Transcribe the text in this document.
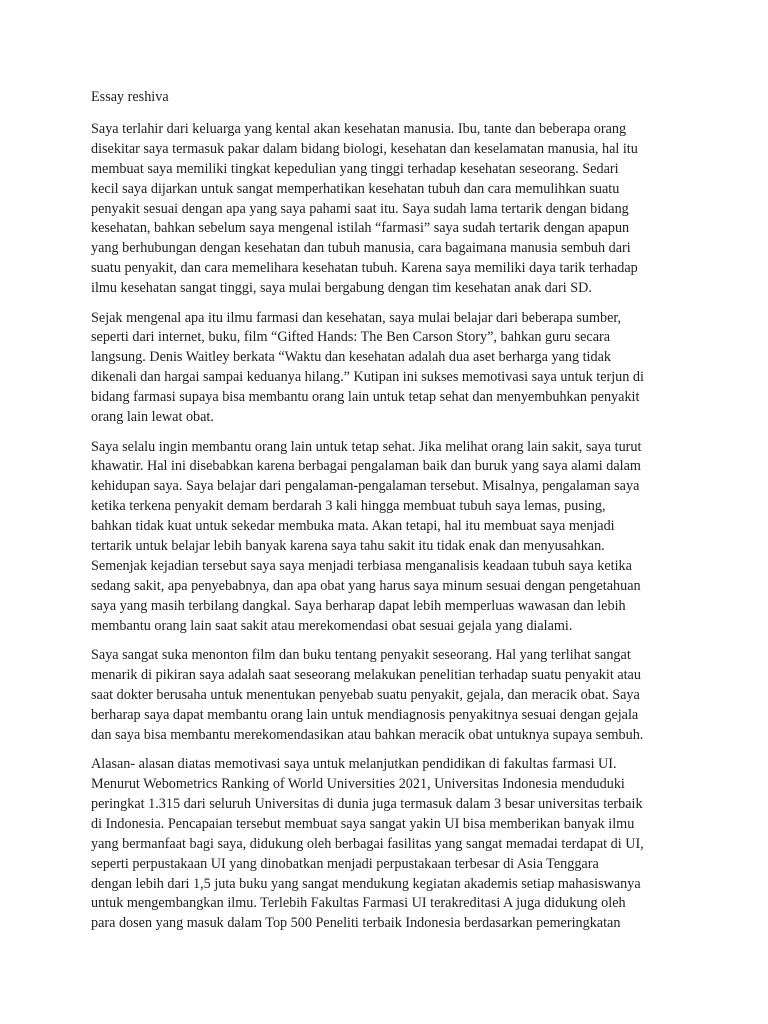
Essay reshiva
Saya terlahir dari keluarga yang kental akan kesehatan manusia. Ibu, tante dan beberapa orang
disekitar saya termasuk pakar dalam bidang biologi, kesehatan dan keselamatan manusia, hal itu
membuat saya memiliki tingkat kepedulian yang tinggi terhadap kesehatan seseorang. Sedari
kecil saya dijarkan untuk sangat memperhatikan kesehatan tubuh dan cara memulihkan suatu
penyakit sesuai dengan apa yang saya pahami saat itu. Saya sudah lama tertarik dengan bidang
kesehatan, bahkan sebelum saya mengenal istilah “farmasi” saya sudah tertarik dengan apapun
yang berhubungan dengan kesehatan dan tubuh manusia, cara bagaimana manusia sembuh dari
suatu penyakit, dan cara memelihara kesehatan tubuh. Karena saya memiliki daya tarik terhadap
ilmu kesehatan sangat tinggi, saya mulai bergabung dengan tim kesehatan anak dari SD.
Sejak mengenal apa itu ilmu farmasi dan kesehatan, saya mulai belajar dari beberapa sumber,
seperti dari internet, buku, film “Gifted Hands: The Ben Carson Story”, bahkan guru secara
langsung. Denis Waitley berkata “Waktu dan kesehatan adalah dua aset berharga yang tidak
dikenali dan hargai sampai keduanya hilang.” Kutipan ini sukses memotivasi saya untuk terjun di
bidang farmasi supaya bisa membantu orang lain untuk tetap sehat dan menyembuhkan penyakit
orang lain lewat obat.
Saya selalu ingin membantu orang lain untuk tetap sehat. Jika melihat orang lain sakit, saya turut
khawatir. Hal ini disebabkan karena berbagai pengalaman baik dan buruk yang saya alami dalam
kehidupan saya. Saya belajar dari pengalaman-pengalaman tersebut. Misalnya, pengalaman saya
ketika terkena penyakit demam berdarah 3 kali hingga membuat tubuh saya lemas, pusing,
bahkan tidak kuat untuk sekedar membuka mata. Akan tetapi, hal itu membuat saya menjadi
tertarik untuk belajar lebih banyak karena saya tahu sakit itu tidak enak dan menyusahkan.
Semenjak kejadian tersebut saya saya menjadi terbiasa menganalisis keadaan tubuh saya ketika
sedang sakit, apa penyebabnya, dan apa obat yang harus saya minum sesuai dengan pengetahuan
saya yang masih terbilang dangkal. Saya berharap dapat lebih memperluas wawasan dan lebih
membantu orang lain saat sakit atau merekomendasi obat sesuai gejala yang dialami.
Saya sangat suka menonton film dan buku tentang penyakit seseorang. Hal yang terlihat sangat
menarik di pikiran saya adalah saat seseorang melakukan penelitian terhadap suatu penyakit atau
saat dokter berusaha untuk menentukan penyebab suatu penyakit, gejala, dan meracik obat. Saya
berharap saya dapat membantu orang lain untuk mendiagnosis penyakitnya sesuai dengan gejala
dan saya bisa membantu merekomendasikan atau bahkan meracik obat untuknya supaya sembuh.
Alasan- alasan diatas memotivasi saya untuk melanjutkan pendidikan di fakultas farmasi UI.
Menurut Webometrics Ranking of World Universities 2021, Universitas Indonesia menduduki
peringkat 1.315 dari seluruh Universitas di dunia juga termasuk dalam 3 besar universitas terbaik
di Indonesia. Pencapaian tersebut membuat saya sangat yakin UI bisa memberikan banyak ilmu
yang bermanfaat bagi saya, didukung oleh berbagai fasilitas yang sangat memadai terdapat di UI,
seperti perpustakaan UI yang dinobatkan menjadi perpustakaan terbesar di Asia Tenggara
dengan lebih dari 1,5 juta buku yang sangat mendukung kegiatan akademis setiap mahasiswanya
untuk mengembangkan ilmu. Terlebih Fakultas Farmasi UI terakreditasi A juga didukung oleh
para dosen yang masuk dalam Top 500 Peneliti terbaik Indonesia berdasarkan pemeringkatan
